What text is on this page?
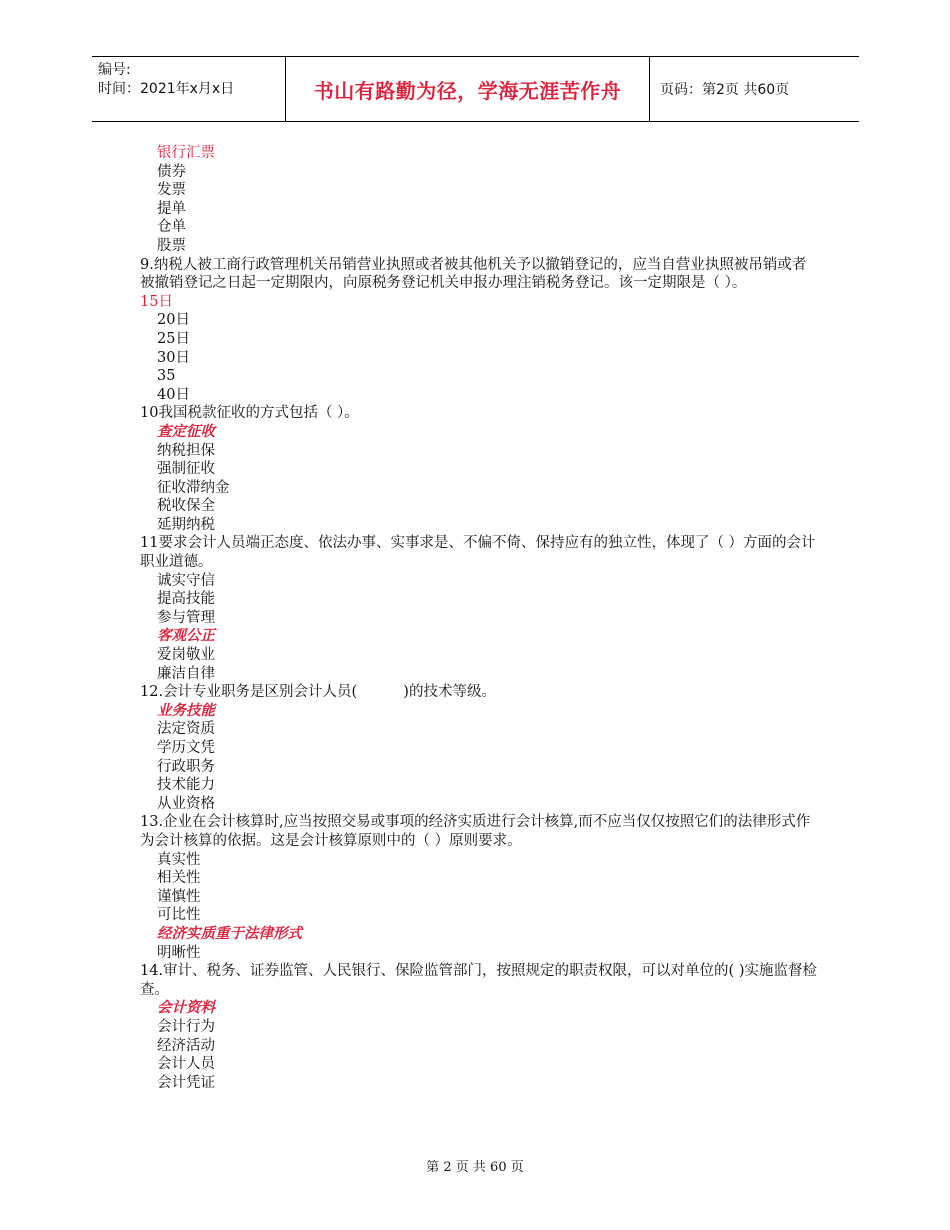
编号:
时间：2021年x月x日	书山有路勤为径，学海无涯苦作舟	页码：第2页 共60页
银行汇票
债券
发票
提单
仓单
股票
9.纳税人被工商行政管理机关吊销营业执照或者被其他机关予以撤销登记的，应当自营业执照被吊销或者被撤销登记之日起一定期限内，向原税务登记机关申报办理注销税务登记。该一定期限是（ ）。
15日
20日
25日
30日
35
40日
10我国税款征收的方式包括（ ）。
查定征收
纳税担保
强制征收
征收滞纳金
税收保全
延期纳税
11要求会计人员端正态度、依法办事、实事求是、不偏不倚、保持应有的独立性，体现了（ ）方面的会计职业道德。
诚实守信
提高技能
参与管理
客观公正
爱岗敬业
廉洁自律
12.会计专业职务是区别会计人员(          )的技术等级。
业务技能
法定资质
学历文凭
行政职务
技术能力
从业资格
13.企业在会计核算时,应当按照交易或事项的经济实质进行会计核算,而不应当仅仅按照它们的法律形式作为会计核算的依据。这是会计核算原则中的（ ）原则要求。
真实性
相关性
谨慎性
可比性
经济实质重于法律形式
明晰性
14.审计、税务、证券监管、人民银行、保险监管部门，按照规定的职责权限，可以对单位的( )实施监督检查。
会计资料
会计行为
经济活动
会计人员
会计凭证
第 2 页 共 60 页
